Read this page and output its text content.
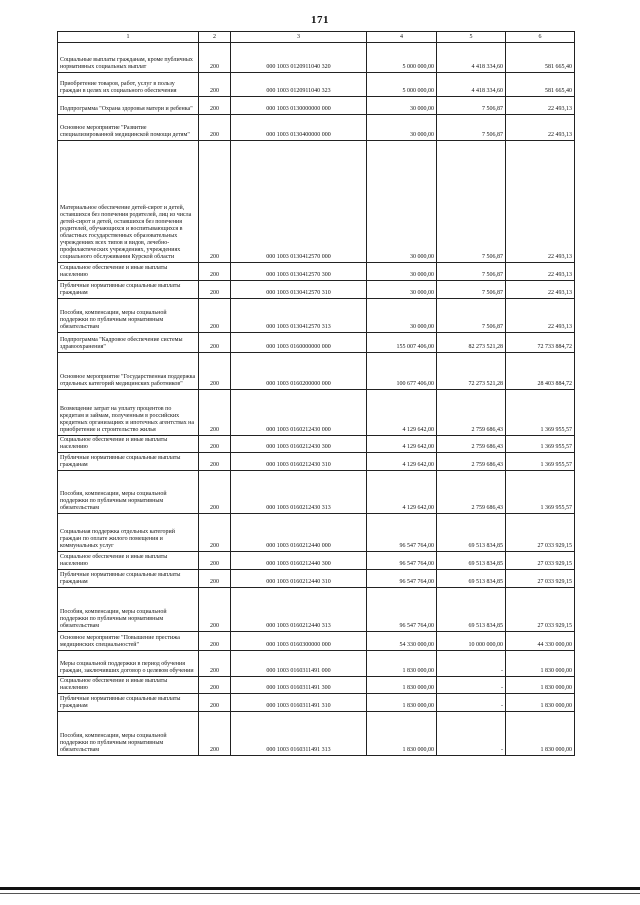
171
1	2	3	4	5	6
Социальные выплаты гражданам, кроме публичных нормативных социальных выплат	200	000 1003 0120911040 320	5 000 000,00	4 418 334,60	581 665,40
Приобретение товаров, работ, услуг в пользу граждан в целях их социального обеспечения	200	000 1003 0120911040 323	5 000 000,00	4 418 334,60	581 665,40
Подпрограмма "Охрана здоровья матери и ребенка"	200	000 1003 0130000000 000	30 000,00	7 506,87	22 493,13
Основное мероприятие "Развитие специализированной медицинской помощи детям"	200	000 1003 0130400000 000	30 000,00	7 506,87	22 493,13
Материальное обеспечение детей-сирот и детей, оставшихся без попечения родителей, лиц из числа детей-сирот и детей, оставшихся без попечения родителей, обучающихся и воспитывающихся в областных государственных образовательных учреждениях всех типов и видов, лечебно-профилактических учреждениях, учреждениях социального обслуживания Курской области	200	000 1003 0130412570 000	30 000,00	7 506,87	22 493,13
Социальное обеспечение и иные выплаты населению	200	000 1003 0130412570 300	30 000,00	7 506,87	22 493,13
Публичные нормативные социальные выплаты гражданам	200	000 1003 0130412570 310	30 000,00	7 506,87	22 493,13
Пособия, компенсации, меры социальной поддержки по публичным нормативным обязательствам	200	000 1003 0130412570 313	30 000,00	7 506,87	22 493,13
Подпрограмма "Кадровое обеспечение системы здравоохранения"	200	000 1003 0160000000 000	155 007 406,00	82 273 521,28	72 733 884,72
Основное мероприятие "Государственная поддержка отдельных категорий медицинских работников"	200	000 1003 0160200000 000	100 677 406,00	72 273 521,28	28 403 884,72
Возмещение затрат на уплату процентов по кредитам и займам, полученным в российских кредитных организациях и ипотечных агентствах на приобретение и строительство жилья	200	000 1003 0160212430 000	4 129 642,00	2 759 686,43	1 369 955,57
Социальное обеспечение и иные выплаты населению	200	000 1003 0160212430 300	4 129 642,00	2 759 686,43	1 369 955,57
Публичные нормативные социальные выплаты гражданам	200	000 1003 0160212430 310	4 129 642,00	2 759 686,43	1 369 955,57
Пособия, компенсации, меры социальной поддержки по публичным нормативным обязательствам	200	000 1003 0160212430 313	4 129 642,00	2 759 686,43	1 369 955,57
Социальная поддержка отдельных категорий граждан по оплате жилого помещения и коммунальных услуг	200	000 1003 0160212440 000	96 547 764,00	69 513 834,85	27 033 929,15
Социальное обеспечение и иные выплаты населению	200	000 1003 0160212440 300	96 547 764,00	69 513 834,85	27 033 929,15
Публичные нормативные социальные выплаты гражданам	200	000 1003 0160212440 310	96 547 764,00	69 513 834,85	27 033 929,15
Пособия, компенсации, меры социальной поддержки по публичным нормативным обязательствам	200	000 1003 0160212440 313	96 547 764,00	69 513 834,85	27 033 929,15
Основное мероприятие "Повышение престижа медицинских специальностей"	200	000 1003 0160300000 000	54 330 000,00	10 000 000,00	44 330 000,00
Меры социальной поддержки в период обучения граждан, заключивших договор о целевом обучении	200	000 1003 0160311491 000	1 830 000,00	-	1 830 000,00
Социальное обеспечение и иные выплаты населению	200	000 1003 0160311491 300	1 830 000,00	-	1 830 000,00
Публичные нормативные социальные выплаты гражданам	200	000 1003 0160311491 310	1 830 000,00	-	1 830 000,00
Пособия, компенсации, меры социальной поддержки по публичным нормативным обязательствам	200	000 1003 0160311491 313	1 830 000,00	-	1 830 000,00
